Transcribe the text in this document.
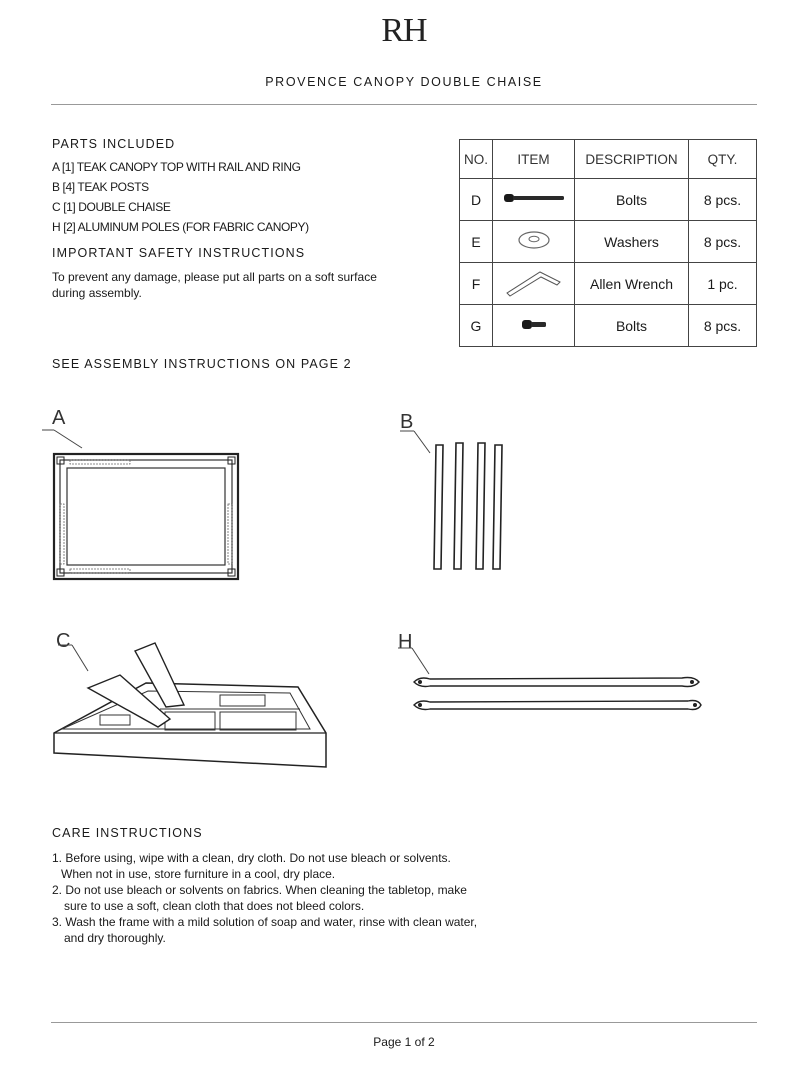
RH
PROVENCE CANOPY DOUBLE CHAISE
PARTS INCLUDED
A [1] TEAK CANOPY TOP WITH RAIL AND RING
B [4] TEAK POSTS
C [1] DOUBLE CHAISE
H [2] ALUMINUM POLES (FOR FABRIC CANOPY)
IMPORTANT SAFETY INSTRUCTIONS
To prevent any damage, please put all parts on a soft surface during assembly.
NO.	ITEM	DESCRIPTION	QTY.
D		Bolts	8 pcs.
E		Washers	8 pcs.
F		Allen Wrench	1 pc.
G		Bolts	8 pcs.
SEE ASSEMBLY INSTRUCTIONS ON PAGE 2
A	B
C	H
CARE INSTRUCTIONS
1. Before using, wipe with a clean, dry cloth. Do not use bleach or solvents.
When not in use, store furniture in a cool, dry place.
2. Do not use bleach or solvents on fabrics. When cleaning the tabletop, make
sure to use a soft, clean cloth that does not bleed colors.
3. Wash the frame with a mild solution of soap and water, rinse with clean water,
and dry thoroughly.
Page 1 of 2
